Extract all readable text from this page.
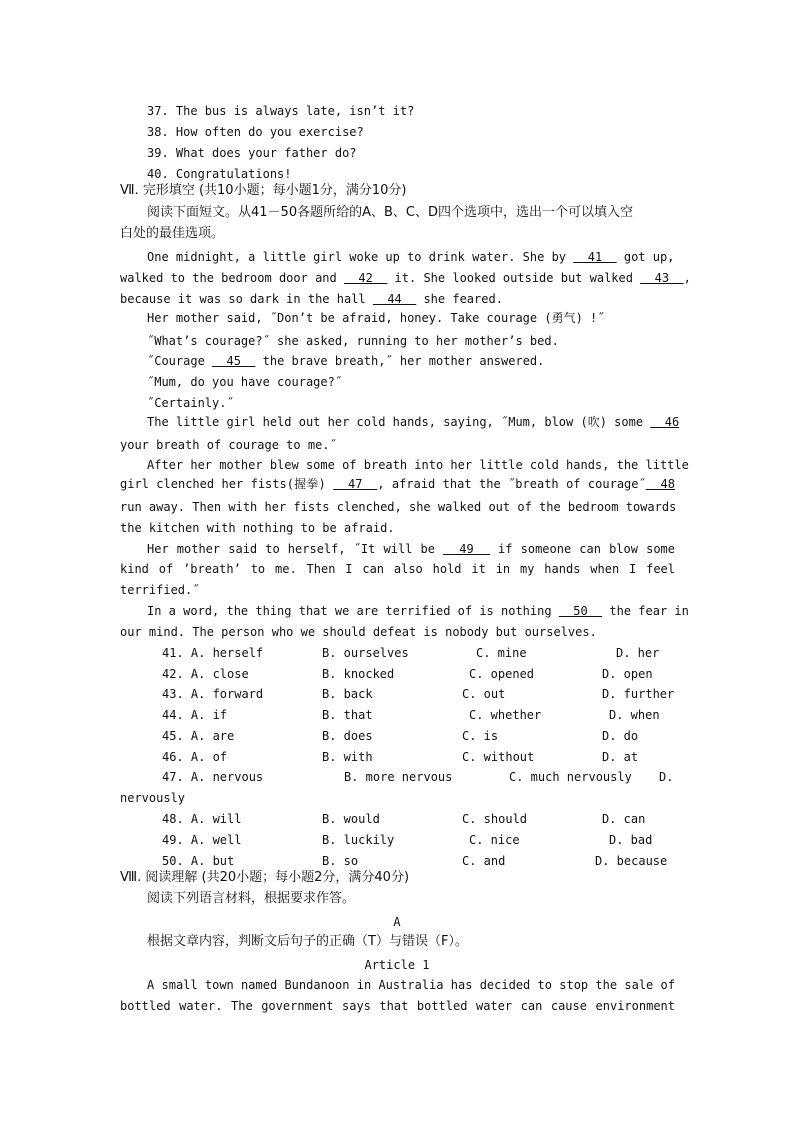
37. The bus is always late, isn’t it?
38. How often do you exercise?
39. What does your father do?
40. Congratulations!
Ⅶ. 完形填空 (共10小题；每小题1分，满分10分)
阅读下面短文。从41－50各题所给的A、B、C、D四个选项中，选出一个可以填入空
白处的最佳选项。
One midnight, a little girl woke up to drink water. She by   41   got up,
walked to the bedroom door and   42   it. She looked outside but walked   43  ,
because it was so dark in the hall   44   she feared.
Her mother said, ˝Don’t be afraid, honey. Take courage (勇气) !˝
˝What’s courage?˝ she asked, running to her mother’s bed.
˝Courage   45   the brave breath,˝ her mother answered.
˝Mum, do you have courage?˝
˝Certainly.˝
The little girl held out her cold hands, saying, ˝Mum, blow (吹) some   46
your breath of courage to me.˝
After her mother blew some of breath into her little cold hands, the little
girl clenched her fists(握拳)   47  , afraid that the ˝breath of courage˝  48
run away. Then with her fists clenched, she walked out of the bedroom towards
the kitchen with nothing to be afraid.
Her mother said to herself, ˝It will be   49   if someone can blow some
kind of ’breath’ to me. Then I can also hold it in my hands when I feel
terrified.˝
In a word, the thing that we are terrified of is nothing   50   the fear in
our mind. The person who we should defeat is nobody but ourselves.
41. A. herself	B. ourselves	C. mine	D. her
42. A. close	B. knocked	C. opened	D. open
43. A. forward	B. back	C. out	D. further
44. A. if	B. that	C. whether	D. when
45. A. are	B. does	C. is	D. do
46. A. of	B. with	C. without	D. at
47. A. nervous	B. more nervous	C. much nervously D.
nervously
48. A. will	B. would	C. should	D. can
49. A. well	B. luckily	C. nice	D. bad
50. A. but	B. so	C. and	D. because
Ⅷ. 阅读理解 (共20小题；每小题2分，满分40分)
阅读下列语言材料，根据要求作答。
A
根据文章内容，判断文后句子的正确（T）与错误（F）。
Article 1
A small town named Bundanoon in Australia has decided to stop the sale of
bottled water. The government says that bottled water can cause environment
